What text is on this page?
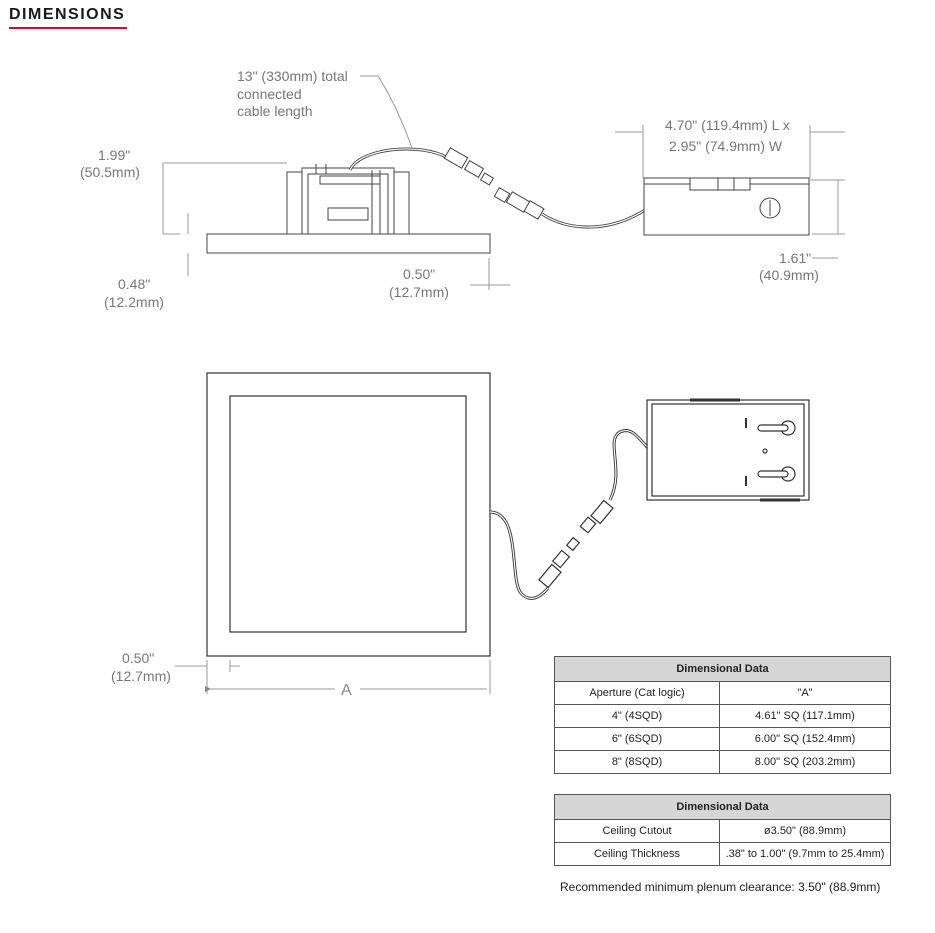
DIMENSIONS
13" (330mm) total
connected
cable length
4.70" (119.4mm) L x
2.95" (74.9mm) W
1.99"
(50.5mm)
0.48"
(12.2mm)
0.50"
(12.7mm)
1.61"
(40.9mm)
0.50"
(12.7mm)
A
Dimensional Data	
Aperture (Cat logic)	"A"
4" (4SQD)	4.61" SQ (117.1mm)
6" (6SQD)	6.00" SQ (152.4mm)
8" (8SQD)	8.00" SQ (203.2mm)
Dimensional Data	
Ceiling Cutout	ø3.50" (88.9mm)
Ceiling Thickness	.38" to 1.00" (9.7mm to 25.4mm)
Recommended minimum plenum clearance: 3.50" (88.9mm)
